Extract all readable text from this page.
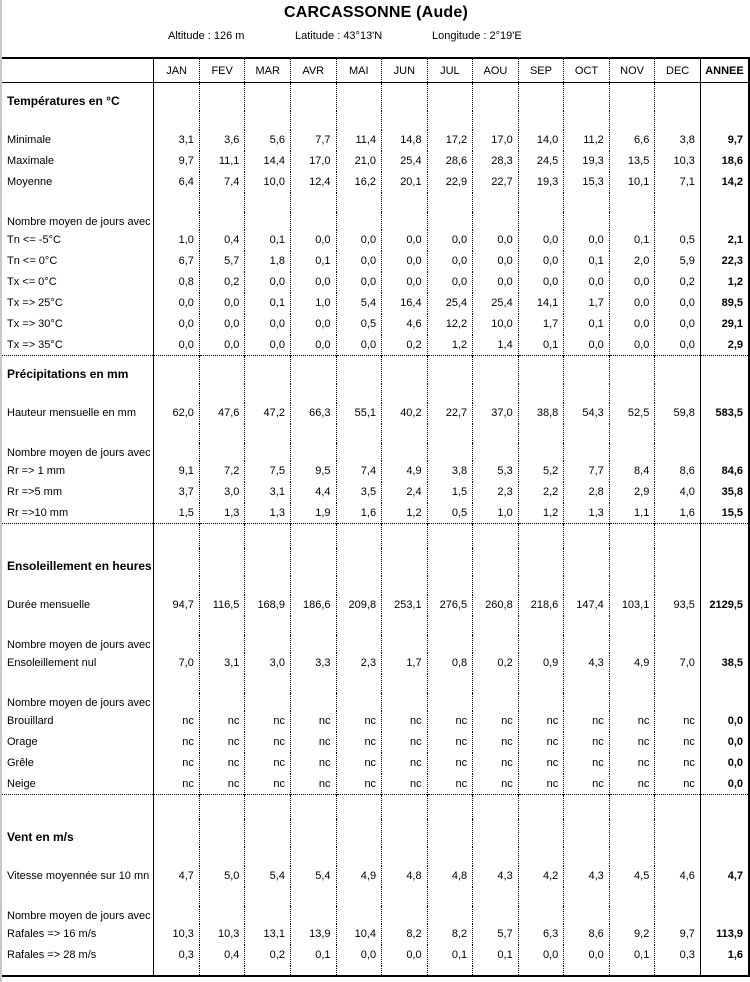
CARCASSONNE (Aude)
Altitude : 126 m	Latitude : 43°13'N	Longitude : 2°19'E
	JAN	FEV	MAR	AVR	MAI	JUN	JUL	AOU	SEP	OCT	NOV	DEC	ANNEE
Températures en °C													

Minimale	3,1	3,6	5,6	7,7	11,4	14,8	17,2	17,0	14,0	11,2	6,6	3,8	9,7
Maximale	9,7	11,1	14,4	17,0	21,0	25,4	28,6	28,3	24,5	19,3	13,5	10,3	18,6
Moyenne	6,4	7,4	10,0	12,4	16,2	20,1	22,9	22,7	19,3	15,3	10,1	7,1	14,2

Nombre moyen de jours avec													
Tn <= -5°C	1,0	0,4	0,1	0,0	0,0	0,0	0,0	0,0	0,0	0,0	0,1	0,5	2,1
Tn <= 0°C	6,7	5,7	1,8	0,1	0,0	0,0	0,0	0,0	0,0	0,1	2,0	5,9	22,3
Tx <= 0°C	0,8	0,2	0,0	0,0	0,0	0,0	0,0	0,0	0,0	0,0	0,0	0,2	1,2
Tx => 25°C	0,0	0,0	0,1	1,0	5,4	16,4	25,4	25,4	14,1	1,7	0,0	0,0	89,5
Tx => 30°C	0,0	0,0	0,0	0,0	0,5	4,6	12,2	10,0	1,7	0,1	0,0	0,0	29,1
Tx => 35°C	0,0	0,0	0,0	0,0	0,0	0,2	1,2	1,4	0,1	0,0	0,0	0,0	2,9
Précipitations en mm													

Hauteur mensuelle en mm	62,0	47,6	47,2	66,3	55,1	40,2	22,7	37,0	38,8	54,3	52,5	59,8	583,5

Nombre moyen de jours avec													
Rr => 1 mm	9,1	7,2	7,5	9,5	7,4	4,9	3,8	5,3	5,2	7,7	8,4	8,6	84,6
Rr =>5 mm	3,7	3,0	3,1	4,4	3,5	2,4	1,5	2,3	2,2	2,8	2,9	4,0	35,8
Rr =>10 mm	1,5	1,3	1,3	1,9	1,6	1,2	0,5	1,0	1,2	1,3	1,1	1,6	15,5

Ensoleillement en heures													

Durée mensuelle	94,7	116,5	168,9	186,6	209,8	253,1	276,5	260,8	218,6	147,4	103,1	93,5	2129,5

Nombre moyen de jours avec													
Ensoleillement nul	7,0	3,1	3,0	3,3	2,3	1,7	0,8	0,2	0,9	4,3	4,9	7,0	38,5

Nombre moyen de jours avec													
Brouillard	nc	nc	nc	nc	nc	nc	nc	nc	nc	nc	nc	nc	0,0
Orage	nc	nc	nc	nc	nc	nc	nc	nc	nc	nc	nc	nc	0,0
Grêle	nc	nc	nc	nc	nc	nc	nc	nc	nc	nc	nc	nc	0,0
Neige	nc	nc	nc	nc	nc	nc	nc	nc	nc	nc	nc	nc	0,0

Vent en m/s													

Vitesse moyennée sur 10 mn	4,7	5,0	5,4	5,4	4,9	4,8	4,8	4,3	4,2	4,3	4,5	4,6	4,7

Nombre moyen de jours avec													
Rafales => 16 m/s	10,3	10,3	13,1	13,9	10,4	8,2	8,2	5,7	6,3	8,6	9,2	9,7	113,9
Rafales => 28 m/s	0,3	0,4	0,2	0,1	0,0	0,0	0,1	0,1	0,0	0,0	0,1	0,3	1,6
